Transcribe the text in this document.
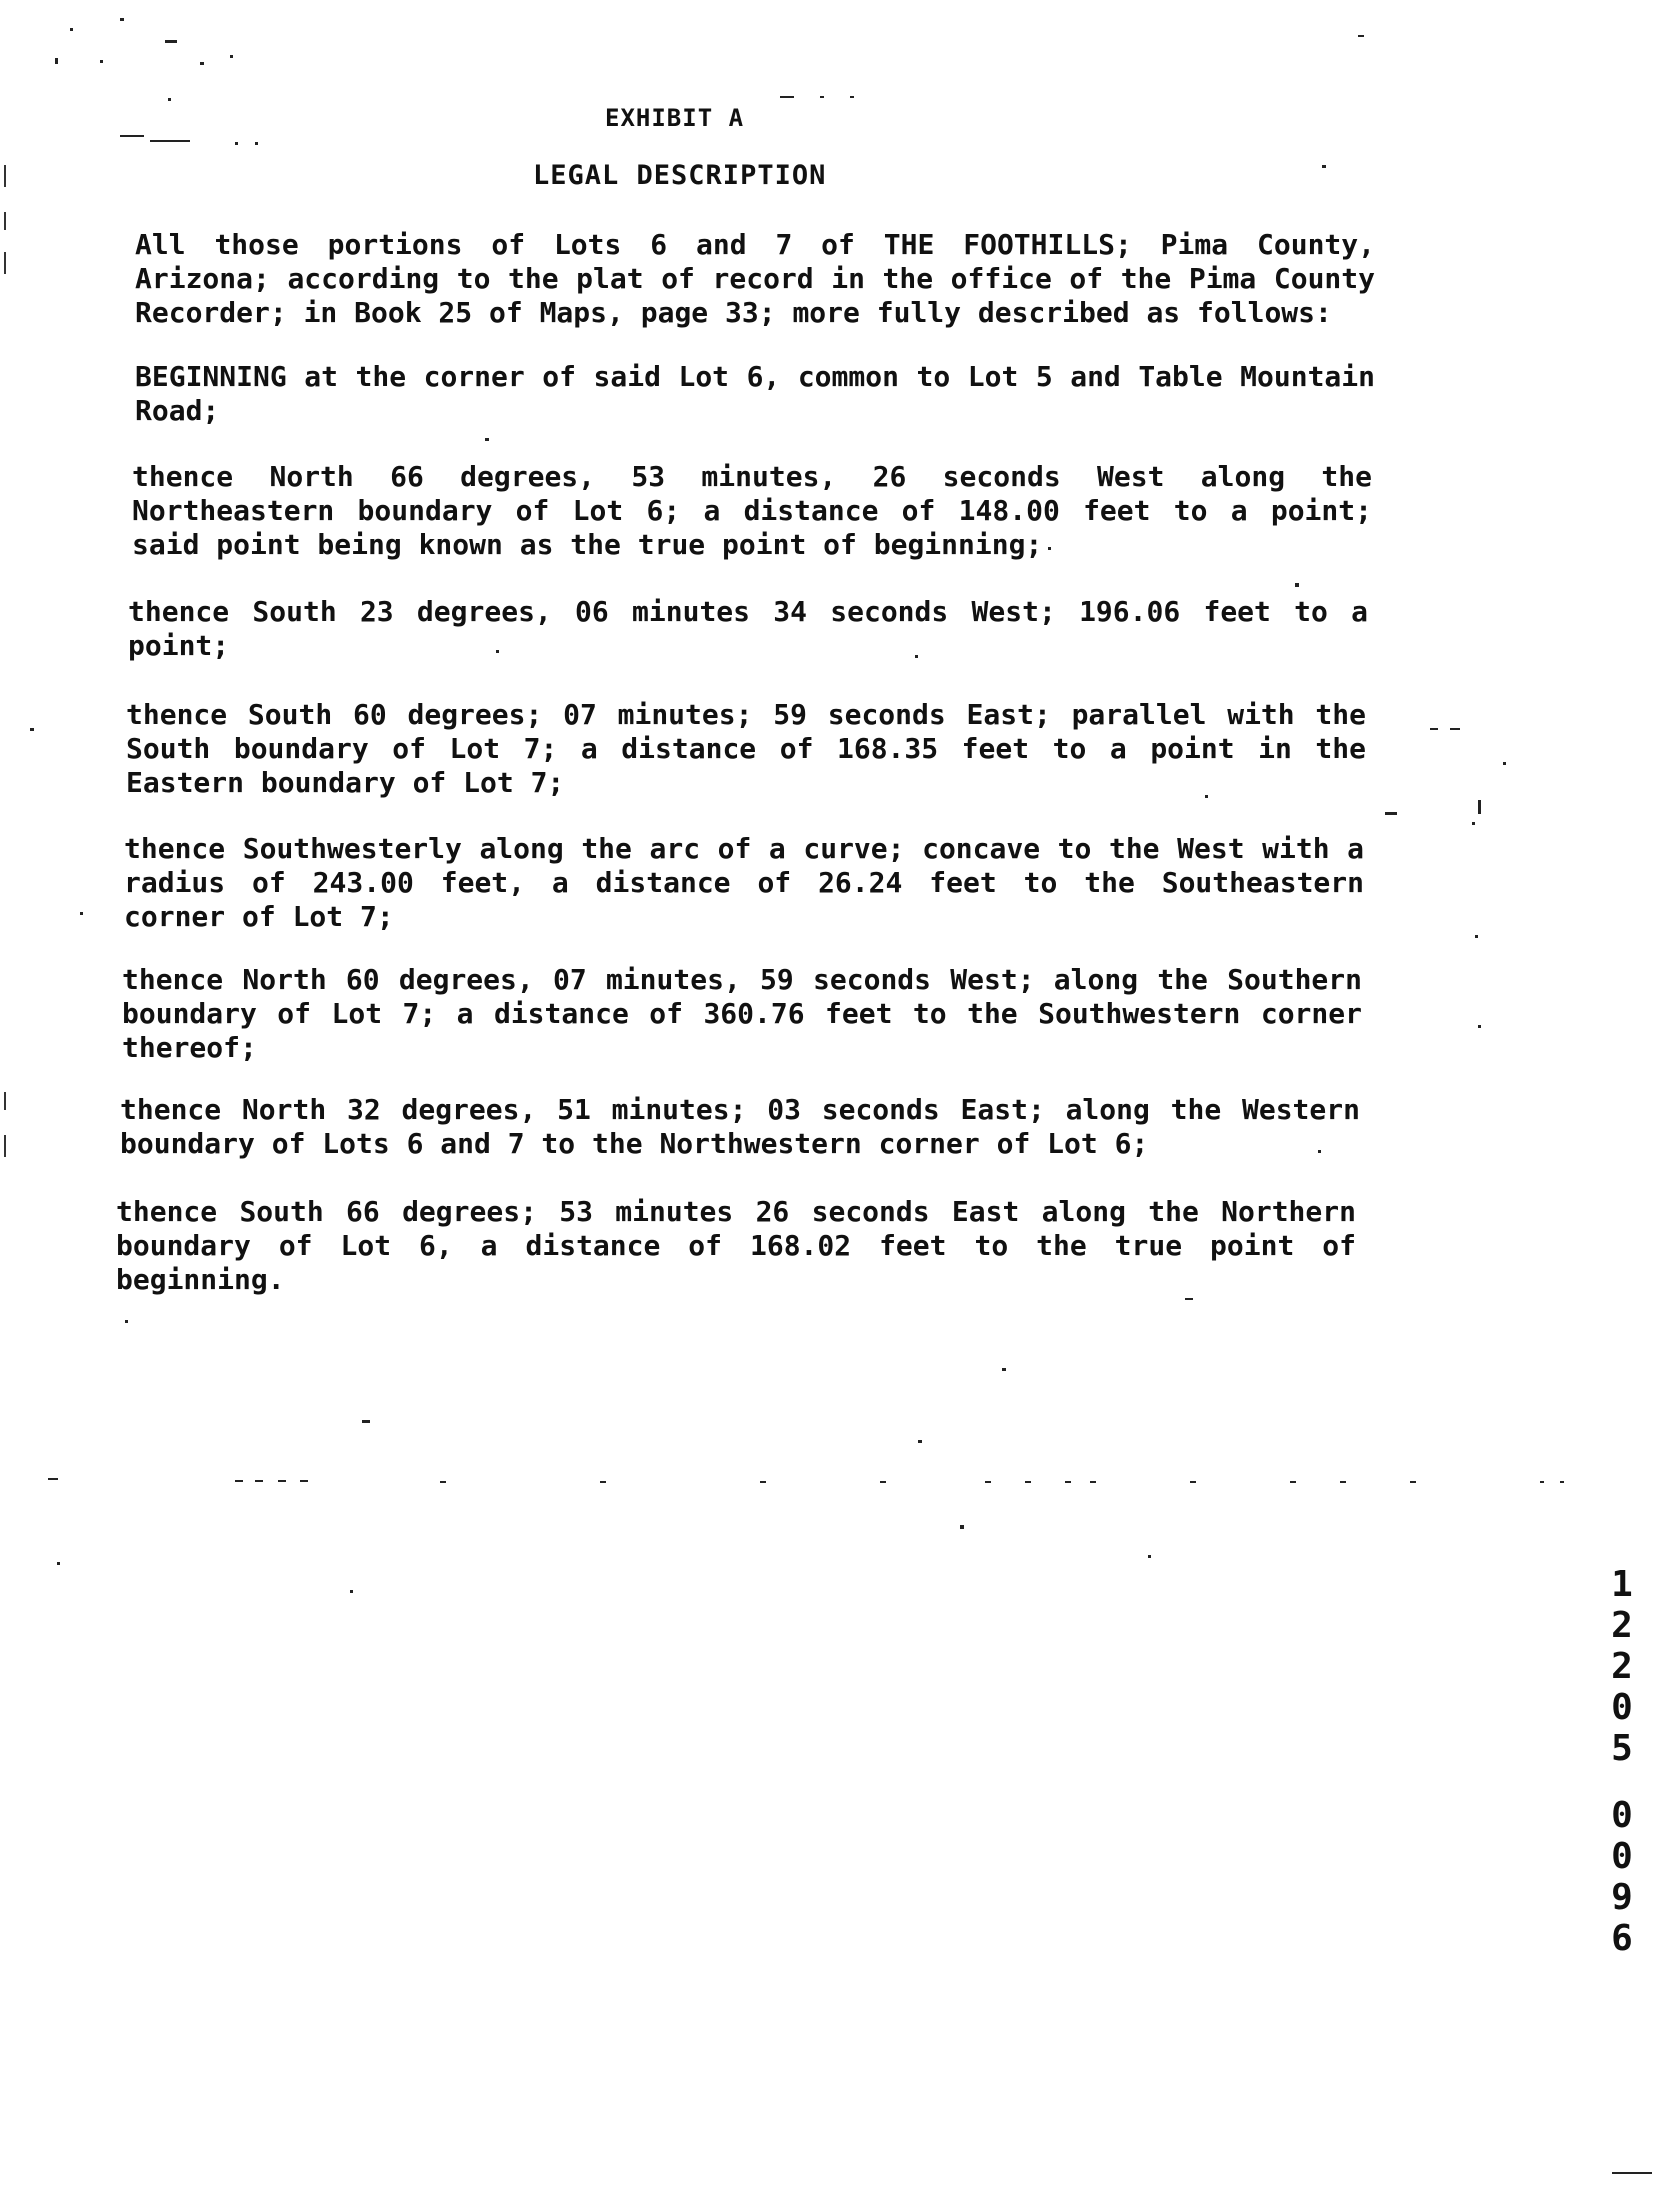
EXHIBIT A
LEGAL DESCRIPTION
All those portions of Lots 6 and 7 of THE FOOTHILLS; Pima County, Arizona; according to the plat of record in the office of the Pima County Recorder; in Book 25 of Maps, page 33; more fully described as follows:
BEGINNING at the corner of said Lot 6, common to Lot 5 and Table Mountain Road;
thence North 66 degrees, 53 minutes, 26 seconds West along the Northeastern boundary of Lot 6; a distance of 148.00 feet to a point; said point being known as the true point of beginning;
thence South 23 degrees, 06 minutes 34 seconds West; 196.06 feet to a point;
thence South 60 degrees; 07 minutes; 59 seconds East; parallel with the South boundary of Lot 7; a distance of 168.35 feet to a point in the Eastern boundary of Lot 7;
thence Southwesterly along the arc of a curve; concave to the West with a radius of 243.00 feet, a distance of 26.24 feet to the Southeastern corner of Lot 7;
thence North 60 degrees, 07 minutes, 59 seconds West; along the Southern boundary of Lot 7; a distance of 360.76 feet to the Southwestern corner thereof;
thence North 32 degrees, 51 minutes; 03 seconds East; along the Western boundary of Lots 6 and 7 to the Northwestern corner of Lot 6;
thence South 66 degrees; 53 minutes 26 seconds East along the Northern boundary of Lot 6, a distance of 168.02 feet to the true point of beginning.
1
2
2
0
5
0
0
9
6
